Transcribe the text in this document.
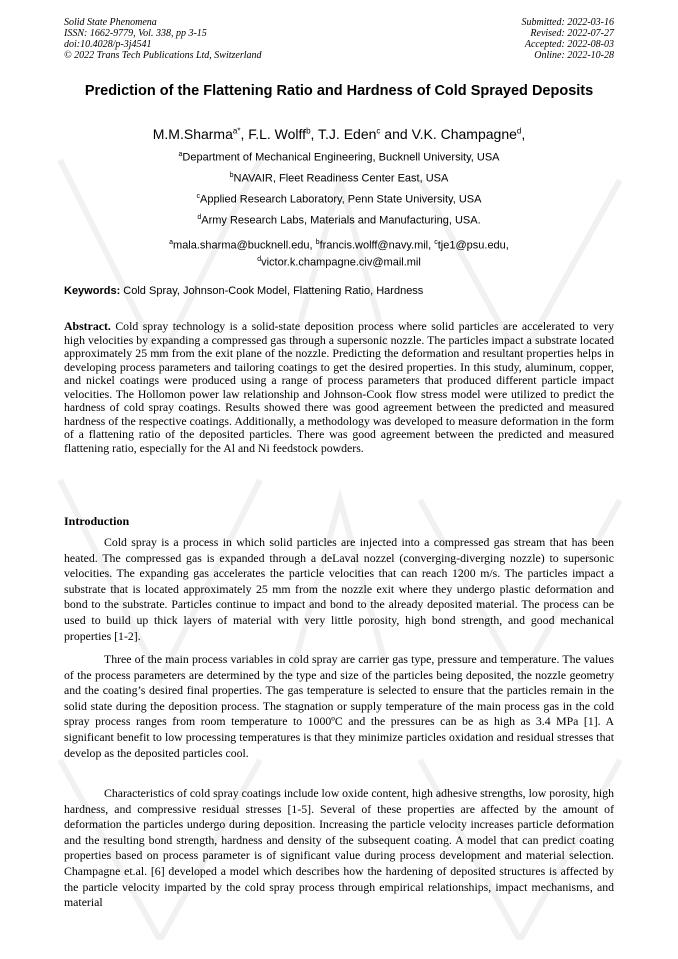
Solid State Phenomena
ISSN: 1662-9779, Vol. 338, pp 3-15
doi:10.4028/p-3j4541
© 2022 Trans Tech Publications Ltd, Switzerland
Submitted: 2022-03-16
Revised: 2022-07-27
Accepted: 2022-08-03
Online: 2022-10-28
Prediction of the Flattening Ratio and Hardness of Cold Sprayed Deposits
M.M.Sharma$^{a*}$, F.L. Wolff$^b$, T.J. Eden$^c$ and V.K. Champagne$^d$,
$^a$Department of Mechanical Engineering, Bucknell University, USA
$^b$NAVAIR, Fleet Readiness Center East, USA
$^c$Applied Research Laboratory, Penn State University, USA
$^d$Army Research Labs, Materials and Manufacturing, USA.
$^a$mala.sharma@bucknell.edu, $^b$francis.wolff@navy.mil, $^c$tje1@psu.edu,
$^d$victor.k.champagne.civ@mail.mil
Keywords: Cold Spray, Johnson-Cook Model, Flattening Ratio, Hardness

Abstract. Cold spray technology is a solid-state deposition process where solid particles are accelerated to very high velocities by expanding a compressed gas through a supersonic nozzle. The particles impact a substrate located approximately 25 mm from the exit plane of the nozzle. Predicting the deformation and resultant properties helps in developing process parameters and tailoring coatings to get the desired properties. In this study, aluminum, copper, and nickel coatings were produced using a range of process parameters that produced different particle impact velocities. The Hollomon power law relationship and Johnson-Cook flow stress model were utilized to predict the hardness of cold spray coatings. Results showed there was good agreement between the predicted and measured hardness of the respective coatings. Additionally, a methodology was developed to measure deformation in the form of a flattening ratio of the deposited particles. There was good agreement between the predicted and measured flattening ratio, especially for the Al and Ni feedstock powders.

Introduction

Cold spray is a process in which solid particles are injected into a compressed gas stream that has been heated. The compressed gas is expanded through a deLaval nozzel (converging-diverging nozzle) to supersonic velocities. The expanding gas accelerates the particle velocities that can reach 1200 m/s. The particles impact a substrate that is located approximately 25 mm from the nozzle exit where they undergo plastic deformation and bond to the substrate. Particles continue to impact and bond to the already deposited material. The process can be used to build up thick layers of material with very little porosity, high bond strength, and good mechanical properties [1-2].

Three of the main process variables in cold spray are carrier gas type, pressure and temperature. The values of the process parameters are determined by the type and size of the particles being deposited, the nozzle geometry and the coating’s desired final properties. The gas temperature is selected to ensure that the particles remain in the solid state during the deposition process. The stagnation or supply temperature of the main process gas in the cold spray process ranges from room temperature to 1000ºC and the pressures can be as high as 3.4 MPa [1]. A significant benefit to low processing temperatures is that they minimize particles oxidation and residual stresses that develop as the deposited particles cool.

Characteristics of cold spray coatings include low oxide content, high adhesive strengths, low porosity, high hardness, and compressive residual stresses [1-5]. Several of these properties are affected by the amount of deformation the particles undergo during deposition. Increasing the particle velocity increases particle deformation and the resulting bond strength, hardness and density of the subsequent coating. A model that can predict coating properties based on process parameter is of significant value during process development and material selection. Champagne et.al. [6] developed a model which describes how the hardening of deposited structures is affected by the particle velocity imparted by the cold spray process through empirical relationships, impact mechanisms, and material
